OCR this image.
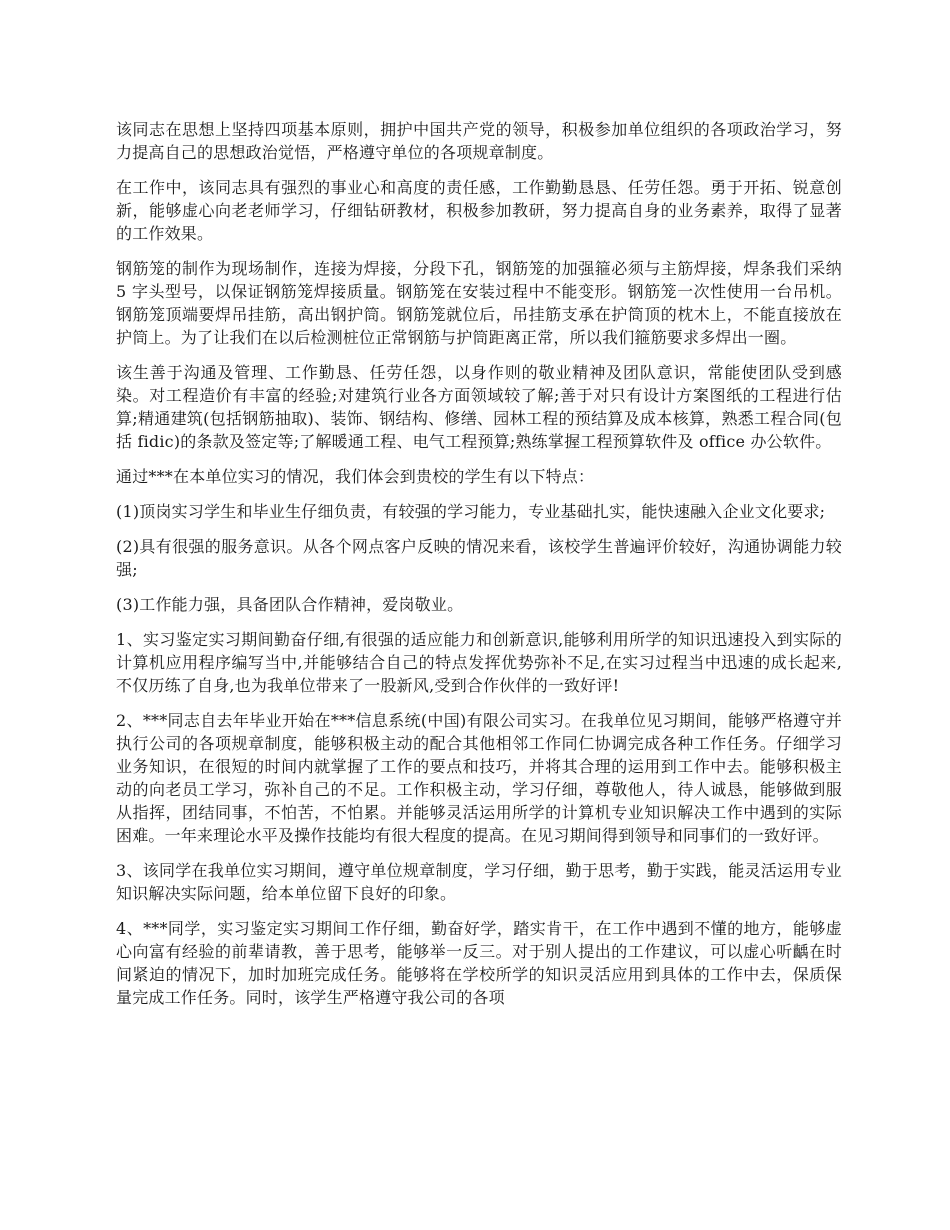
该同志在思想上坚持四项基本原则，拥护中国共产党的领导，积极参加单位组织的各项政治学习，努力提高自己的思想政治觉悟，严格遵守单位的各项规章制度。

在工作中，该同志具有强烈的事业心和高度的责任感，工作勤勤恳恳、任劳任怨。勇于开拓、锐意创新，能够虚心向老老师学习，仔细钻研教材，积极参加教研，努力提高自身的业务素养，取得了显著的工作效果。

钢筋笼的制作为现场制作，连接为焊接，分段下孔，钢筋笼的加强箍必须与主筋焊接，焊条我们采纳 5 字头型号，以保证钢筋笼焊接质量。钢筋笼在安装过程中不能变形。钢筋笼一次性使用一台吊机。钢筋笼顶端要焊吊挂筋，高出钢护筒。钢筋笼就位后，吊挂筋支承在护筒顶的枕木上，不能直接放在护筒上。为了让我们在以后检测桩位正常钢筋与护筒距离正常，所以我们箍筋要求多焊出一圈。

该生善于沟通及管理、工作勤恳、任劳任怨，以身作则的敬业精神及团队意识，常能使团队受到感染。对工程造价有丰富的经验;对建筑行业各方面领域较了解;善于对只有设计方案图纸的工程进行估算;精通建筑(包括钢筋抽取)、装饰、钢结构、修缮、园林工程的预结算及成本核算，熟悉工程合同(包括 fidic)的条款及签定等;了解暖通工程、电气工程预算;熟练掌握工程预算软件及 office 办公软件。

通过***在本单位实习的情况，我们体会到贵校的学生有以下特点：

(1)顶岗实习学生和毕业生仔细负责，有较强的学习能力，专业基础扎实，能快速融入企业文化要求;

(2)具有很强的服务意识。从各个网点客户反映的情况来看，该校学生普遍评价较好，沟通协调能力较强;

(3)工作能力强，具备团队合作精神，爱岗敬业。

1、实习鉴定实习期间勤奋仔细,有很强的适应能力和创新意识,能够利用所学的知识迅速投入到实际的计算机应用程序编写当中,并能够结合自己的特点发挥优势弥补不足,在实习过程当中迅速的成长起来,不仅历练了自身,也为我单位带来了一股新风,受到合作伙伴的一致好评!

2、***同志自去年毕业开始在***信息系统(中国)有限公司实习。在我单位见习期间，能够严格遵守并执行公司的各项规章制度，能够积极主动的配合其他相邻工作同仁协调完成各种工作任务。仔细学习业务知识，在很短的时间内就掌握了工作的要点和技巧，并将其合理的运用到工作中去。能够积极主动的向老员工学习，弥补自己的不足。工作积极主动，学习仔细，尊敬他人，待人诚恳，能够做到服从指挥，团结同事，不怕苦，不怕累。并能够灵活运用所学的计算机专业知识解决工作中遇到的实际困难。一年来理论水平及操作技能均有很大程度的提高。在见习期间得到领导和同事们的一致好评。

3、该同学在我单位实习期间，遵守单位规章制度，学习仔细，勤于思考，勤于实践，能灵活运用专业知识解决实际问题，给本单位留下良好的印象。

4、***同学，实习鉴定实习期间工作仔细，勤奋好学，踏实肯干，在工作中遇到不懂的地方，能够虚心向富有经验的前辈请教，善于思考，能够举一反三。对于别人提出的工作建议，可以虚心听齲在时间紧迫的情况下，加时加班完成任务。能够将在学校所学的知识灵活应用到具体的工作中去，保质保量完成工作任务。同时，该学生严格遵守我公司的各项
